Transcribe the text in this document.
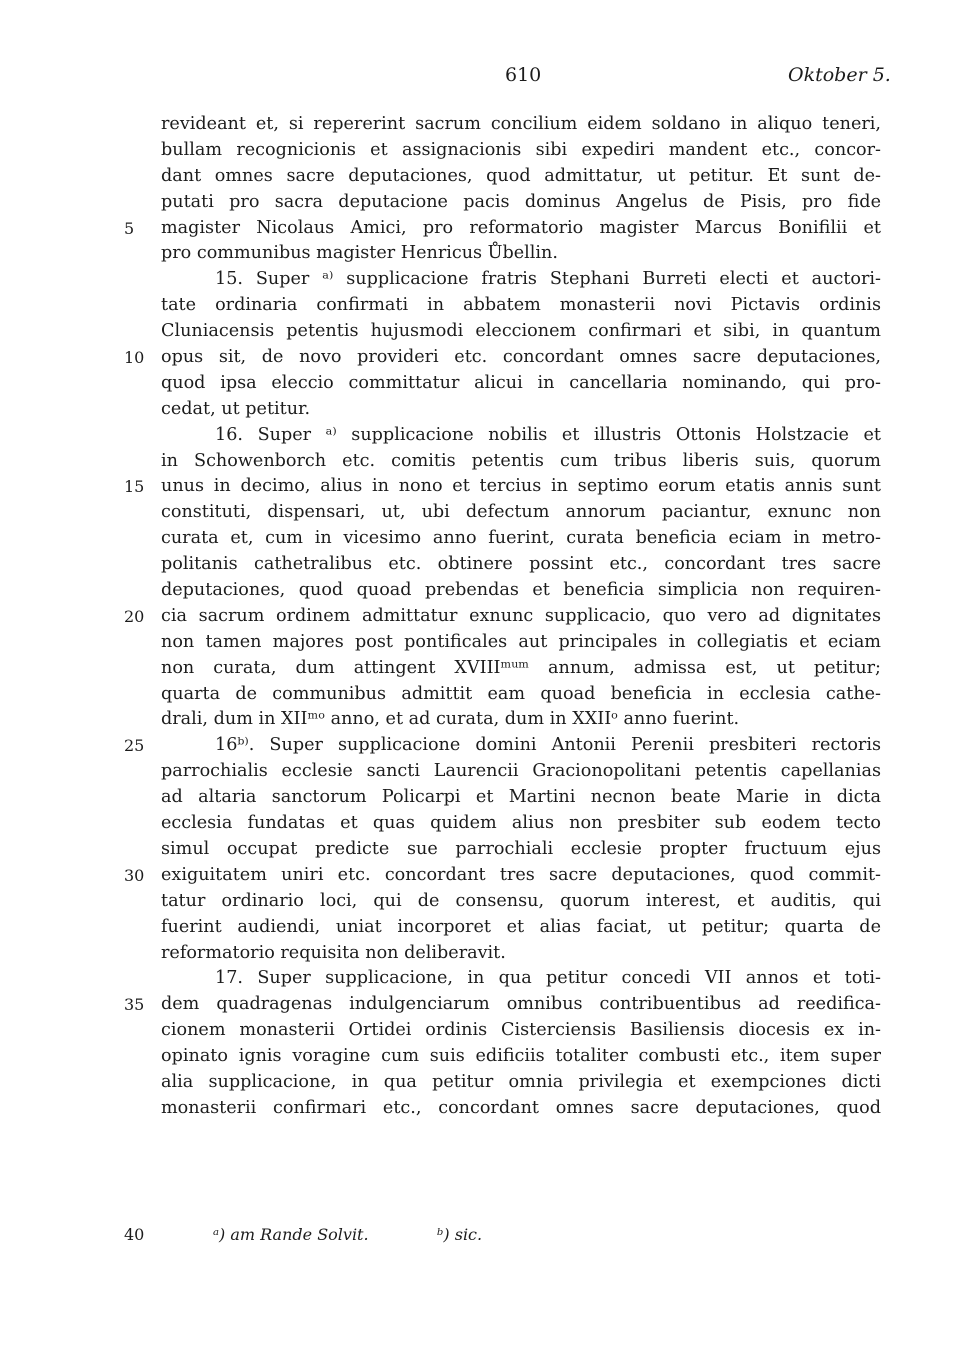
610	Oktober 5.
revideant et, si repererint sacrum concilium eidem soldano in aliquo teneri,
bullam recognicionis et assignacionis sibi expediri mandent etc., concor-
dant omnes sacre deputaciones, quod admittatur, ut petitur. Et sunt de-
putati pro sacra deputacione pacis dominus Angelus de Pisis, pro fide
5	magister Nicolaus Amici, pro reformatorio magister Marcus Bonifilii et
pro communibus magister Henricus Ůbellin.
15. Super ᵃ⁾ supplicacione fratris Stephani Burreti electi et auctori-
tate ordinaria confirmati in abbatem monasterii novi Pictavis ordinis
Cluniacensis petentis hujusmodi eleccionem confirmari et sibi, in quantum
10 opus sit, de novo provideri etc. concordant omnes sacre deputaciones,
quod ipsa eleccio committatur alicui in cancellaria nominando, qui pro-
cedat, ut petitur.
16. Super ᵃ⁾ supplicacione nobilis et illustris Ottonis Holstzacie et
in Schowenborch etc. comitis petentis cum tribus liberis suis, quorum
15 unus in decimo, alius in nono et tercius in septimo eorum etatis annis sunt
constituti, dispensari, ut, ubi defectum annorum paciantur, exnunc non
curata et, cum in vicesimo anno fuerint, curata beneficia eciam in metro-
politanis cathetralibus etc. obtinere possint etc., concordant tres sacre
deputaciones, quod quoad prebendas et beneficia simplicia non requiren-
20 cia sacrum ordinem admittatur exnunc supplicacio, quo vero ad dignitates
non tamen majores post pontificales aut principales in collegiatis et eciam
non curata, dum attingent XVIIIᵐᵘᵐ annum, admissa est, ut petitur;
quarta de communibus admittit eam quoad beneficia in ecclesia cathe-
drali, dum in XIIᵐᵒ anno, et ad curata, dum in XXIIᵒ anno fuerint.
25	16ᵇ⁾. Super supplicacione domini Antonii Perenii presbiteri rectoris
parrochialis ecclesie sancti Laurencii Gracionopolitani petentis capellanias
ad altaria sanctorum Policarpi et Martini necnon beate Marie in dicta
ecclesia fundatas et quas quidem alius non presbiter sub eodem tecto
simul occupat predicte sue parrochiali ecclesie propter fructuum ejus
30 exiguitatem uniri etc. concordant tres sacre deputaciones, quod commit-
tatur ordinario loci, qui de consensu, quorum interest, et auditis, qui
fuerint audiendi, uniat incorporet et alias faciat, ut petitur; quarta de
reformatorio requisita non deliberavit.
17. Super supplicacione, in qua petitur concedi VII annos et toti-
35 dem quadragenas indulgenciarum omnibus contribuentibus ad reedifica-
cionem monasterii Ortidei ordinis Cisterciensis Basiliensis diocesis ex in-
opinato ignis voragine cum suis edificiis totaliter combusti etc., item super
alia supplicacione, in qua petitur omnia privilegia et exempciones dicti
monasterii confirmari etc., concordant omnes sacre deputaciones, quod
40	ᵃ) am Rande Solvit.	ᵇ) sic.
